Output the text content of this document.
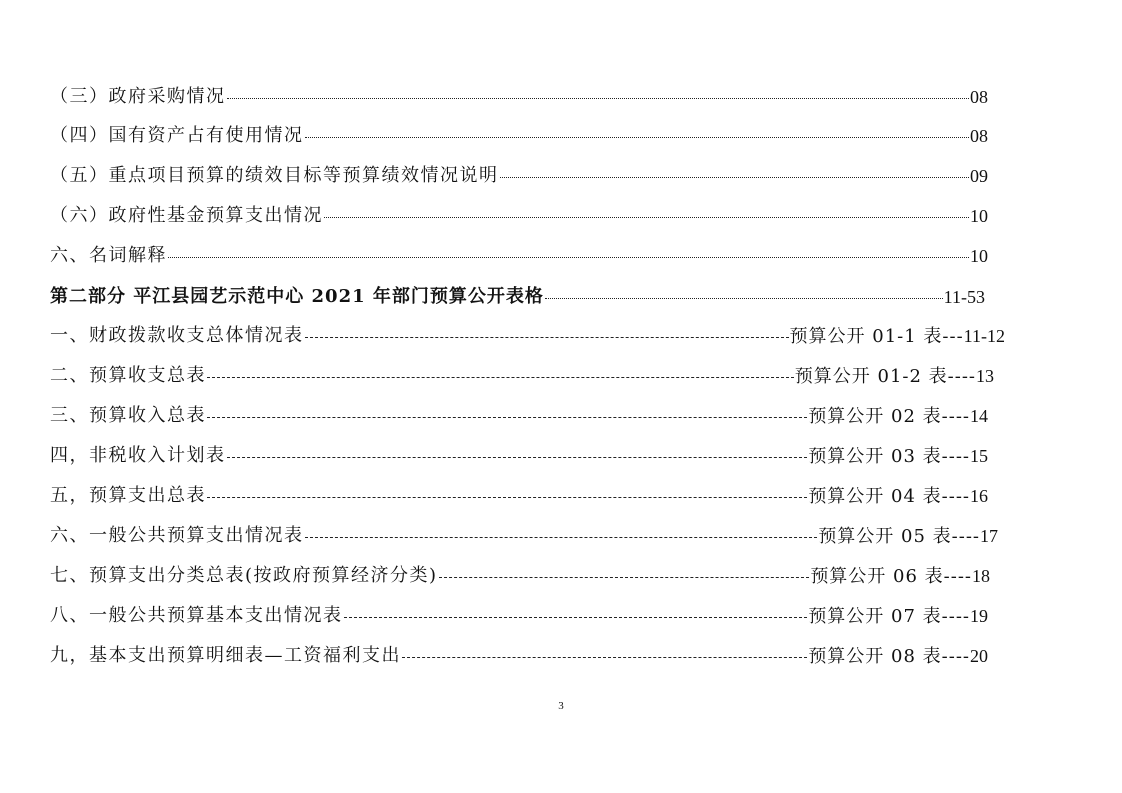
（三）政府采购情况	08
（四）国有资产占有使用情况	08
（五）重点项目预算的绩效目标等预算绩效情况说明	09
（六）政府性基金预算支出情况	10
六、名词解释	10
第二部分 平江县园艺示范中心 2021 年部门预算公开表格	11-53
一、财政拨款收支总体情况表	预算公开 01-1 表---11-12
二、预算收支总表	预算公开 01-2 表----13
三、预算收入总表	预算公开 02 表----14
四，非税收入计划表	预算公开 03 表----15
五，预算支出总表	预算公开 04 表----16
六、一般公共预算支出情况表	预算公开 05 表----17
七、预算支出分类总表(按政府预算经济分类)	预算公开 06 表----18
八、一般公共预算基本支出情况表	预算公开 07 表----19
九，基本支出预算明细表—工资福利支出	预算公开 08 表----20
3
